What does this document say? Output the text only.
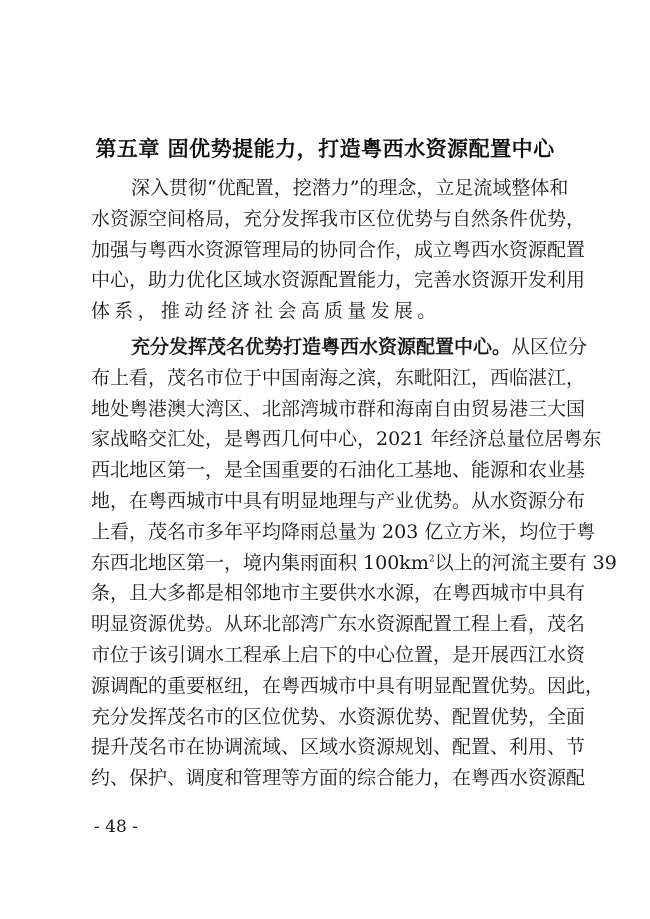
第五章 固优势提能力，打造粤西水资源配置中心
深入贯彻“优配置，挖潜力”的理念，立足流域整体和
水资源空间格局，充分发挥我市区位优势与自然条件优势，
加强与粤西水资源管理局的协同合作，成立粤西水资源配置
中心，助力优化区域水资源配置能力，完善水资源开发利用
体系，推动经济社会高质量发展。
充分发挥茂名优势打造粤西水资源配置中心。从区位分
布上看，茂名市位于中国南海之滨，东毗阳江，西临湛江，
地处粤港澳大湾区、北部湾城市群和海南自由贸易港三大国
家战略交汇处，是粤西几何中心，2021 年经济总量位居粤东
西北地区第一，是全国重要的石油化工基地、能源和农业基
地，在粤西城市中具有明显地理与产业优势。从水资源分布
上看，茂名市多年平均降雨总量为 203 亿立方米，均位于粤
东西北地区第一，境内集雨面积 $100km^2$以上的河流主要有 39
条，且大多都是相邻地市主要供水水源，在粤西城市中具有
明显资源优势。从环北部湾广东水资源配置工程上看，茂名
市位于该引调水工程承上启下的中心位置，是开展西江水资
源调配的重要枢纽，在粤西城市中具有明显配置优势。因此，
充分发挥茂名市的区位优势、水资源优势、配置优势，全面
提升茂名市在协调流域、区域水资源规划、配置、利用、节
约、保护、调度和管理等方面的综合能力，在粤西水资源配
- 48 -
